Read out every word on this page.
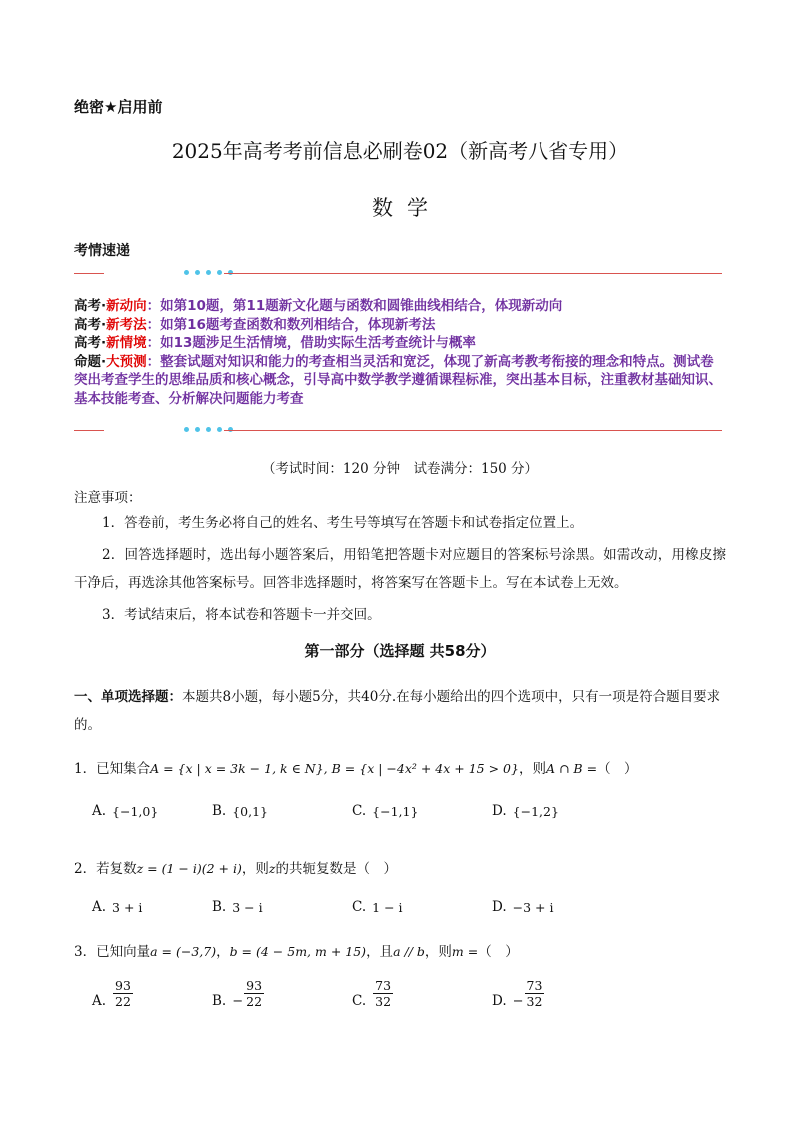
绝密★启用前
2025年高考考前信息必刷卷02（新高考八省专用）
数学
考情速递
高考·新动向：如第10题，第11题新文化题与函数和圆锥曲线相结合，体现新动向
高考·新考法：如第16题考查函数和数列相结合，体现新考法
高考·新情境：如13题涉足生活情境，借助实际生活考查统计与概率
命题·大预测：整套试题对知识和能力的考查相当灵活和宽泛，体现了新高考教考衔接的理念和特点。测试卷突出考查学生的思维品质和核心概念，引导高中数学教学遵循课程标准，突出基本目标，注重教材基础知识、基本技能考查、分析解决问题能力考查
（考试时间：120 分钟　试卷满分：150 分）
注意事项：
1．答卷前，考生务必将自己的姓名、考生号等填写在答题卡和试卷指定位置上。
2．回答选择题时，选出每小题答案后，用铅笔把答题卡对应题目的答案标号涂黑。如需改动，用橡皮擦干净后，再选涂其他答案标号。回答非选择题时，将答案写在答题卡上。写在本试卷上无效。
3．考试结束后，将本试卷和答题卡一并交回。
第一部分（选择题 共58分）
一、单项选择题：本题共8小题，每小题5分，共40分.在每小题给出的四个选项中，只有一项是符合题目要求的。
1．已知集合A = {x | x = 3k − 1, k ∈ N}, B = {x | −4x² + 4x + 15 > 0}，则A ∩ B =（　）
A. {−1,0}	B. {0,1}	C. {−1,1}	D. {−1,2}
2．若复数z = (1 − i)(2 + i)，则z的共轭复数是（　）
A. 3 + i	B. 3 − i	C. 1 − i	D. −3 + i
3．已知向量a = (−3,7)，b = (4 − 5m, m + 15)，且a // b，则m =（　）
A. $\frac{93}{22}$	B. − $\frac{93}{22}$	C. $\frac{73}{32}$	D. − $\frac{73}{32}$
